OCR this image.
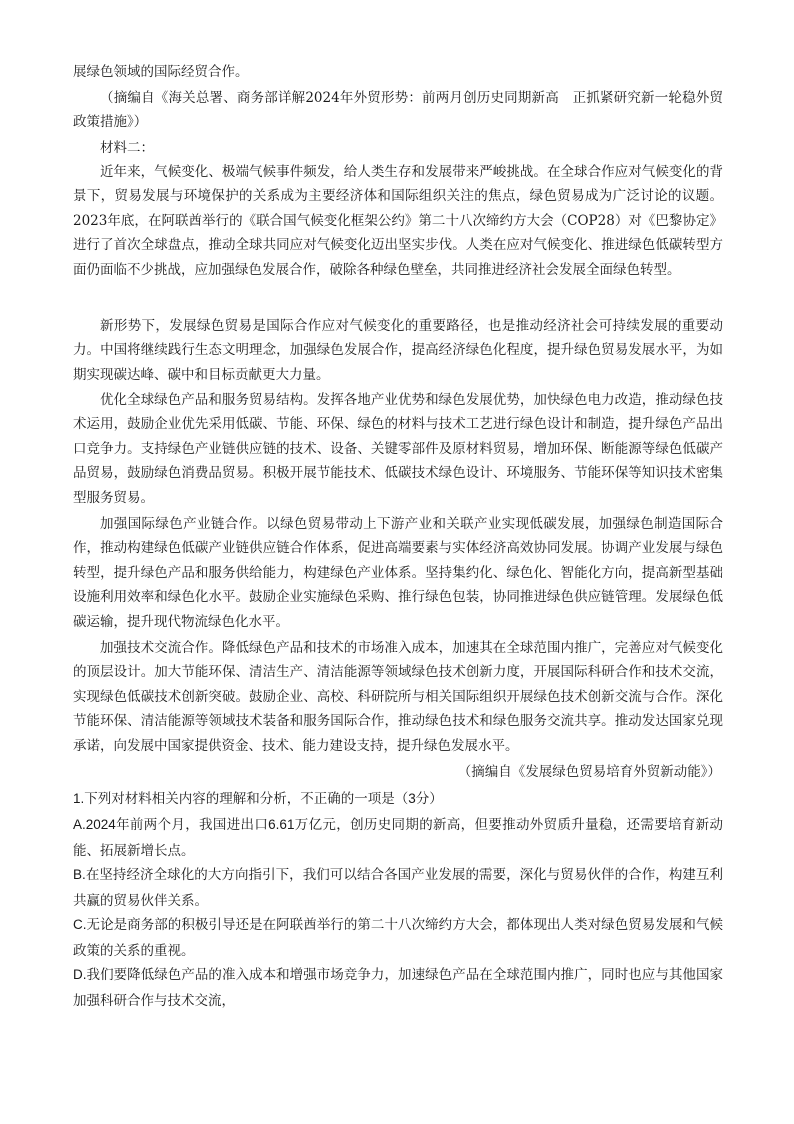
展绿色领域的国际经贸合作。

（摘编自《海关总署、商务部详解2024年外贸形势：前两月创历史同期新高　正抓紧研究新一轮稳外贸政策措施》）

材料二：

近年来，气候变化、极端气候事件频发，给人类生存和发展带来严峻挑战。在全球合作应对气候变化的背景下，贸易发展与环境保护的关系成为主要经济体和国际组织关注的焦点，绿色贸易成为广泛讨论的议题。2023年底，在阿联酋举行的《联合国气候变化框架公约》第二十八次缔约方大会（COP28）对《巴黎协定》进行了首次全球盘点，推动全球共同应对气候变化迈出坚实步伐。人类在应对气候变化、推进绿色低碳转型方面仍面临不少挑战，应加强绿色发展合作，破除各种绿色壁垒，共同推进经济社会发展全面绿色转型。

新形势下，发展绿色贸易是国际合作应对气候变化的重要路径，也是推动经济社会可持续发展的重要动力。中国将继续践行生态文明理念，加强绿色发展合作，提高经济绿色化程度，提升绿色贸易发展水平，为如期实现碳达峰、碳中和目标贡献更大力量。

优化全球绿色产品和服务贸易结构。发挥各地产业优势和绿色发展优势，加快绿色电力改造，推动绿色技术运用，鼓励企业优先采用低碳、节能、环保、绿色的材料与技术工艺进行绿色设计和制造，提升绿色产品出口竞争力。支持绿色产业链供应链的技术、设备、关键零部件及原材料贸易，增加环保、断能源等绿色低碳产品贸易，鼓励绿色消费品贸易。积极开展节能技术、低碳技术绿色设计、环境服务、节能环保等知识技术密集型服务贸易。

加强国际绿色产业链合作。以绿色贸易带动上下游产业和关联产业实现低碳发展，加强绿色制造国际合作，推动构建绿色低碳产业链供应链合作体系，促进高端要素与实体经济高效协同发展。协调产业发展与绿色转型，提升绿色产品和服务供给能力，构建绿色产业体系。坚持集约化、绿色化、智能化方向，提高新型基础设施利用效率和绿色化水平。鼓励企业实施绿色采购、推行绿色包装，协同推进绿色供应链管理。发展绿色低碳运输，提升现代物流绿色化水平。

加强技术交流合作。降低绿色产品和技术的市场准入成本，加速其在全球范围内推广，完善应对气候变化的顶层设计。加大节能环保、清洁生产、清洁能源等领域绿色技术创新力度，开展国际科研合作和技术交流，实现绿色低碳技术创新突破。鼓励企业、高校、科研院所与相关国际组织开展绿色技术创新交流与合作。深化节能环保、清洁能源等领域技术装备和服务国际合作，推动绿色技术和绿色服务交流共享。推动发达国家兑现承诺，向发展中国家提供资金、技术、能力建设支持，提升绿色发展水平。

（摘编自《发展绿色贸易培育外贸新动能》）

1.下列对材料相关内容的理解和分析，不正确的一项是（3分）

A.2024年前两个月，我国进出口6.61万亿元，创历史同期的新高，但要推动外贸质升量稳，还需要培育新动能、拓展新增长点。

B.在坚持经济全球化的大方向指引下，我们可以结合各国产业发展的需要，深化与贸易伙伴的合作，构建互利共赢的贸易伙伴关系。

C.无论是商务部的积极引导还是在阿联酋举行的第二十八次缔约方大会，都体现出人类对绿色贸易发展和气候政策的关系的重视。

D.我们要降低绿色产品的准入成本和增强市场竞争力，加速绿色产品在全球范围内推广，同时也应与其他国家加强科研合作与技术交流，
